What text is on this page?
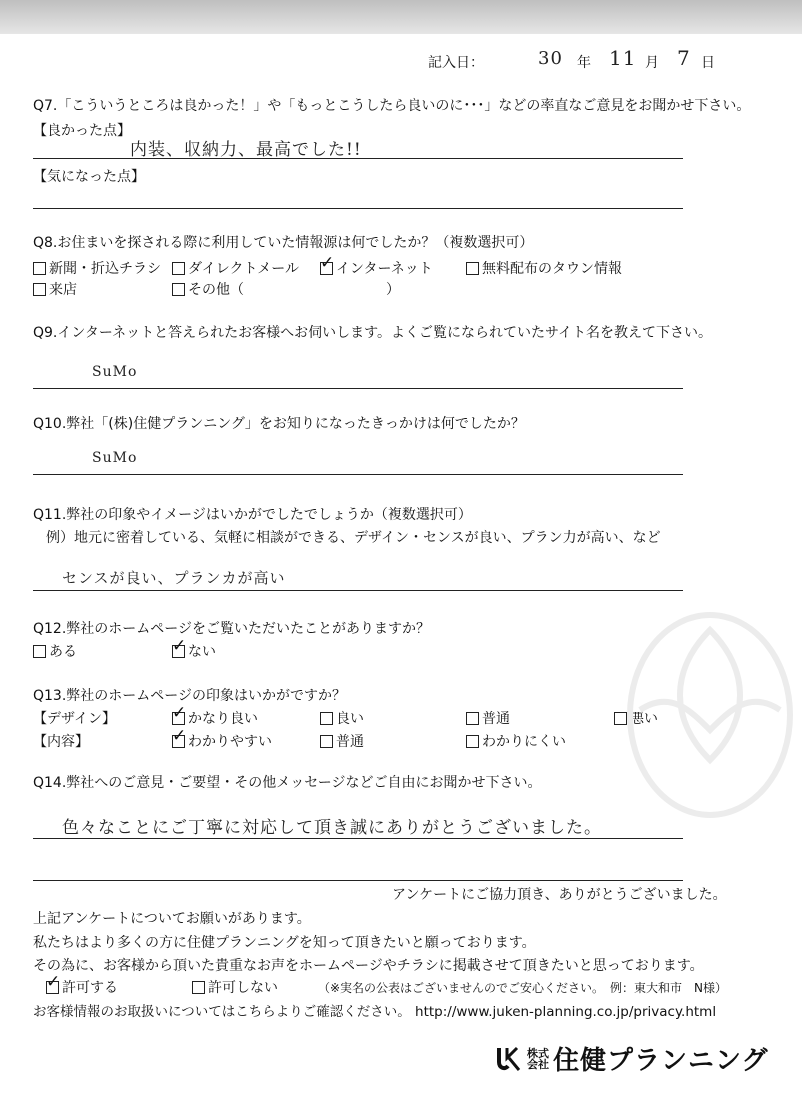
記入日：	30 年 11 月 7 日
Q7.「こういうところは良かった！」や「もっとこうしたら良いのに･･･」などの率直なご意見をお聞かせ下さい。
【良かった点】
内装、収納力、最高でした!!
【気になった点】
Q8.お住まいを探される際に利用していた情報源は何でしたか？（複数選択可）
新聞・折込チラシ ダイレクトメール ✓	インターネット	無料配布のタウン情報
来店	その他（	）
Q9.インターネットと答えられたお客様へお伺いします。よくご覧になられていたサイト名を教えて下さい。
SuMo
Q10.弊社「(株)住健プランニング」をお知りになったきっかけは何でしたか？
SuMo
Q11.弊社の印象やイメージはいかがでしたでしょうか（複数選択可）
例）地元に密着している、気軽に相談ができる、デザイン・センスが良い、プラン力が高い、など
センスが良い、プランカが高い
Q12.弊社のホームページをご覧いただいたことがありますか？
ある ✓	ない
Q13.弊社のホームページの印象はいかがですか？
【デザイン】 ✓	かなり良い	良い	普通	悪い
【内容】 ✓	わかりやすい	普通	わかりにくい
Q14.弊社へのご意見・ご要望・その他メッセージなどご自由にお聞かせ下さい。
色々なことにご丁寧に対応して頂き誠にありがとうございました。
アンケートにご協力頂き、ありがとうございました。
上記アンケートについてお願いがあります。
私たちはより多くの方に住健プランニングを知って頂きたいと願っております。
その為に、お客様から頂いた貴重なお声をホームページやチラシに掲載させて頂きたいと思っております。
✓
許可する	許可しない	（※実名の公表はございませんのでご安心ください。　例：東大和市　N様）
お客様情報のお取扱いについてはこちらよりご確認ください。 http://www.juken-planning.co.jp/privacy.html
株式
会社 住健プランニング
